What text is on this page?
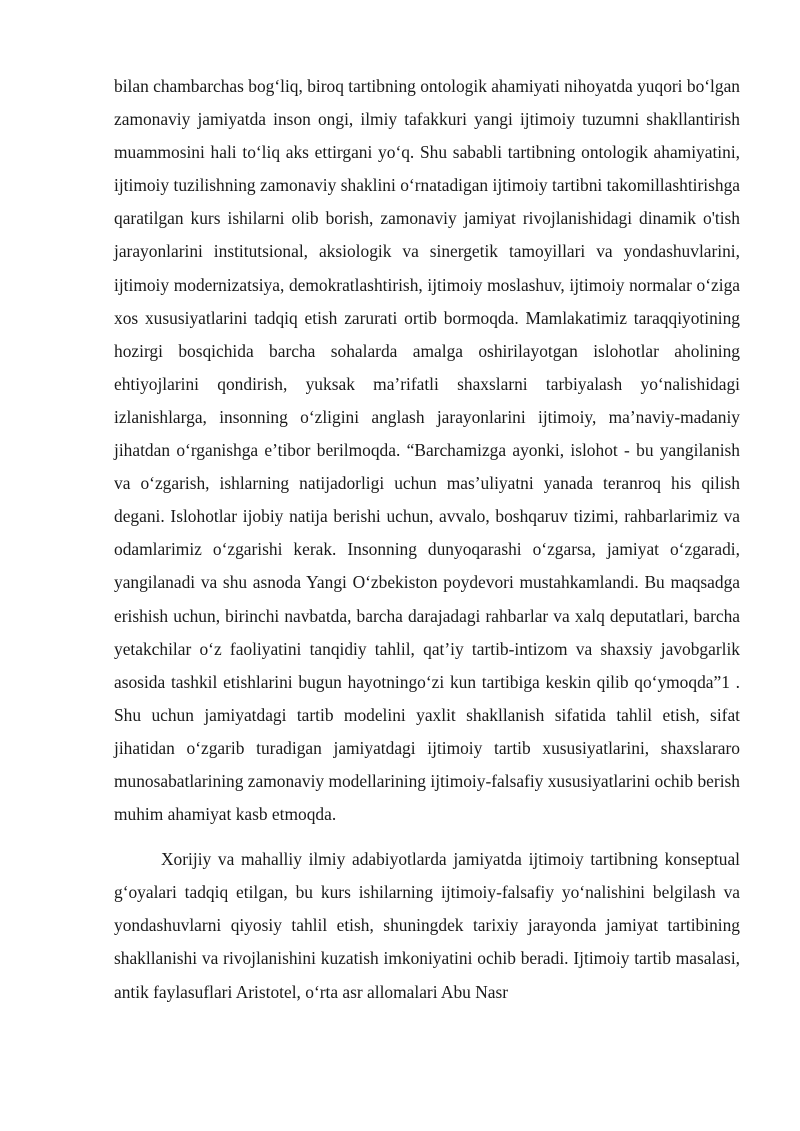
bilan chambarchas bog‘liq, biroq tartibning ontologik ahamiyati nihoyatda yuqori bo‘lgan zamonaviy jamiyatda inson ongi, ilmiy tafakkuri yangi ijtimoiy tuzumni shakllantirish muammosini hali to‘liq aks ettirgani yo‘q. Shu sababli tartibning ontologik ahamiyatini, ijtimoiy tuzilishning zamonaviy shaklini o‘rnatadigan ijtimoiy tartibni takomillashtirishga qaratilgan kurs ishilarni olib borish, zamonaviy jamiyat rivojlanishidagi dinamik o'tish jarayonlarini institutsional, aksiologik va sinergetik tamoyillari va yondashuvlarini, ijtimoiy modernizatsiya, demokratlashtirish, ijtimoiy moslashuv, ijtimoiy normalar o‘ziga xos xususiyatlarini tadqiq etish zarurati ortib bormoqda. Mamlakatimiz taraqqiyotining hozirgi bosqichida barcha sohalarda amalga oshirilayotgan islohotlar aholining ehtiyojlarini qondirish, yuksak ma’rifatli shaxslarni tarbiyalash yo‘nalishidagi izlanishlarga, insonning o‘zligini anglash jarayonlarini ijtimoiy, ma’naviy-madaniy jihatdan o‘rganishga e’tibor berilmoqda. “Barchamizga ayonki, islohot - bu yangilanish va o‘zgarish, ishlarning natijadorligi uchun mas’uliyatni yanada teranroq his qilish degani. Islohotlar ijobiy natija berishi uchun, avvalo, boshqaruv tizimi, rahbarlarimiz va odamlarimiz o‘zgarishi kerak. Insonning dunyoqarashi o‘zgarsa, jamiyat o‘zgaradi, yangilanadi va shu asnoda Yangi O‘zbekiston poydevori mustahkamlandi. Bu maqsadga erishish uchun, birinchi navbatda, barcha darajadagi rahbarlar va xalq deputatlari, barcha yetakchilar o‘z faoliyatini tanqidiy tahlil, qat’iy tartib-intizom va shaxsiy javobgarlik asosida tashkil etishlarini bugun hayotningo‘zi kun tartibiga keskin qilib qo‘ymoqda”1 . Shu uchun jamiyatdagi tartib modelini yaxlit shakllanish sifatida tahlil etish, sifat jihatidan o‘zgarib turadigan jamiyatdagi ijtimoiy tartib xususiyatlarini, shaxslararo munosabatlarining zamonaviy modellarining ijtimoiy-falsafiy xususiyatlarini ochib berish muhim ahamiyat kasb etmoqda.

Xorijiy va mahalliy ilmiy adabiyotlarda jamiyatda ijtimoiy tartibning konseptual g‘oyalari tadqiq etilgan, bu kurs ishilarning ijtimoiy-falsafiy yo‘nalishini belgilash va yondashuvlarni qiyosiy tahlil etish, shuningdek tarixiy jarayonda jamiyat tartibining shakllanishi va rivojlanishini kuzatish imkoniyatini ochib beradi. Ijtimoiy tartib masalasi, antik faylasuflari Aristotel, o‘rta asr allomalari Abu Nasr
